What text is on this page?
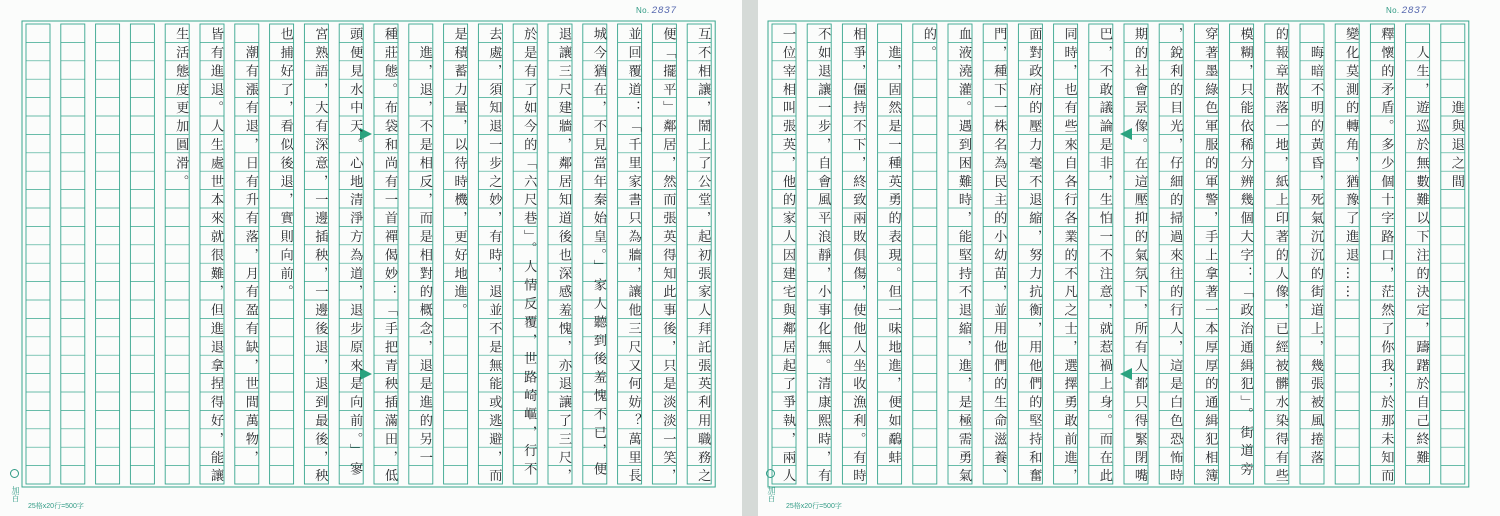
No. 2837
加百
25格x20行=500字
生活態度更加圓滑。	皆有進退。人生處世本來就很難，但進退拿捏得好，能讓	　潮有漲有退，日有升有落，月有盈有缺，世間萬物，	也捕好了，看似後退，實則向前。	宮熟語，大有深意，一邊插秧，一邊後退，退到最後，秧	頭便見水中天。心地清淨方為道，退步原來是向前。」寥	種莊態。布袋和尚有一首禪偈妙：「手把青秧插滿田，低	　進，退，不是相反，而是相對的概念，退是進的另一	是積蓄力量，以待時機，更好地進。	去處，須知退一步之妙，有時，退並不是無能或逃避，而	於是有了如今的「六尺巷」。人情反覆，世路崎嶇，行不	退讓三尺建牆，鄰居知道後也深感羞愧，亦退讓了三尺，	城今猶在，不見當年秦始皇。」家人聽到後羞愧不已，便	並回覆道：「千里家書只為牆，讓他三尺又何妨？萬里長	便「擺平」鄰居，然而張英得知此事後，只是淡淡一笑，	互不相讓，鬧上了公堂，起初張家人拜託張英利用職務之
No. 2837
加百
25格x20行=500字
一位宰相叫張英，他的家人因建宅與鄰居起了爭執，兩人	不如退讓一步，自會風平浪靜，小事化無。清康熙時，有	相爭，僵持不下，終致兩敗俱傷，使他人坐收漁利。有時	　進，固然是一種英勇的表現。但一味地進，便如鷸蚌	的。	血液澆灌。遇到困難時，能堅持不退縮，進，是極需勇氣	門，種下一株名為民主的小幼苗，並用他們的生命滋養、	面對政府的壓力毫不退縮，努力抗衡，用他們的堅持和奮	同時，也有些來自各行各業的不凡之士，選擇勇敢前進，	巴，不敢議論是非，生怕一不注意，就惹禍上身。而在此	期的社會景像。在這壓抑的氣氛下，所有人都只得緊閉嘴	，銳利的目光，仔細的掃過來往的行人，這是白色恐怖時	穿著墨綠色軍服的軍警，手上拿著一本厚厚的通緝犯相簿	模糊，只能依稀分辨幾個大字：「政治通緝犯」。街道旁	的報章散落一地，紙上印著的人像，已經被髒水染得有些	　晦暗不明的黃昏，死氣沉沉的街道上，幾張被風捲落	變化莫測的轉角，猶豫了進退……	釋懷的矛盾。多少個十字路口，茫然了你我；於那未知而	　人生，遊巡於無數難以下注的決定，躊躇於自己終難	　　　　進與退之間
